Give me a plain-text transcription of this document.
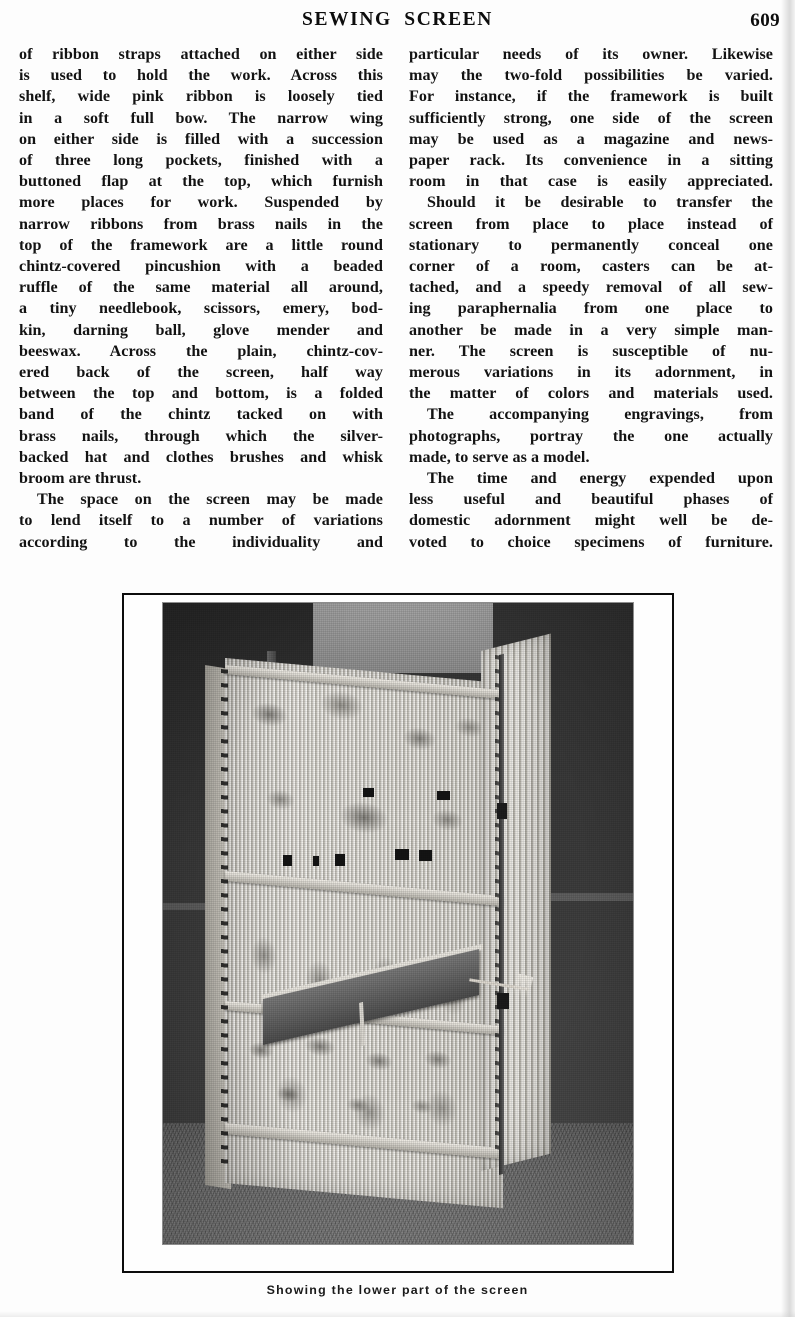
SEWING SCREEN	609
of ribbon straps attached on either side
is used to hold the work. Across this
shelf, wide pink ribbon is loosely tied
in a soft full bow. The narrow wing
on either side is filled with a succession
of three long pockets, finished with a
buttoned flap at the top, which furnish
more places for work. Suspended by
narrow ribbons from brass nails in the
top of the framework are a little round
chintz-covered pincushion with a beaded
ruffle of the same material all around,
a tiny needlebook, scissors, emery, bod-
kin, darning ball, glove mender and
beeswax. Across the plain, chintz-cov-
ered back of the screen, half way
between the top and bottom, is a folded
band of the chintz tacked on with
brass nails, through which the silver-
backed hat and clothes brushes and whisk
broom are thrust.
The space on the screen may be made
to lend itself to a number of variations
according to the individuality and
particular needs of its owner. Likewise
may the two-fold possibilities be varied.
For instance, if the framework is built
sufficiently strong, one side of the screen
may be used as a magazine and news-
paper rack. Its convenience in a sitting
room in that case is easily appreciated.
Should it be desirable to transfer the
screen from place to place instead of
stationary to permanently conceal one
corner of a room, casters can be at-
tached, and a speedy removal of all sew-
ing paraphernalia from one place to
another be made in a very simple man-
ner. The screen is susceptible of nu-
merous variations in its adornment, in
the matter of colors and materials used.
The accompanying engravings, from
photographs, portray the one actually
made, to serve as a model.
The time and energy expended upon
less useful and beautiful phases of
domestic adornment might well be de-
voted to choice specimens of furniture.
Showing the lower part of the screen
